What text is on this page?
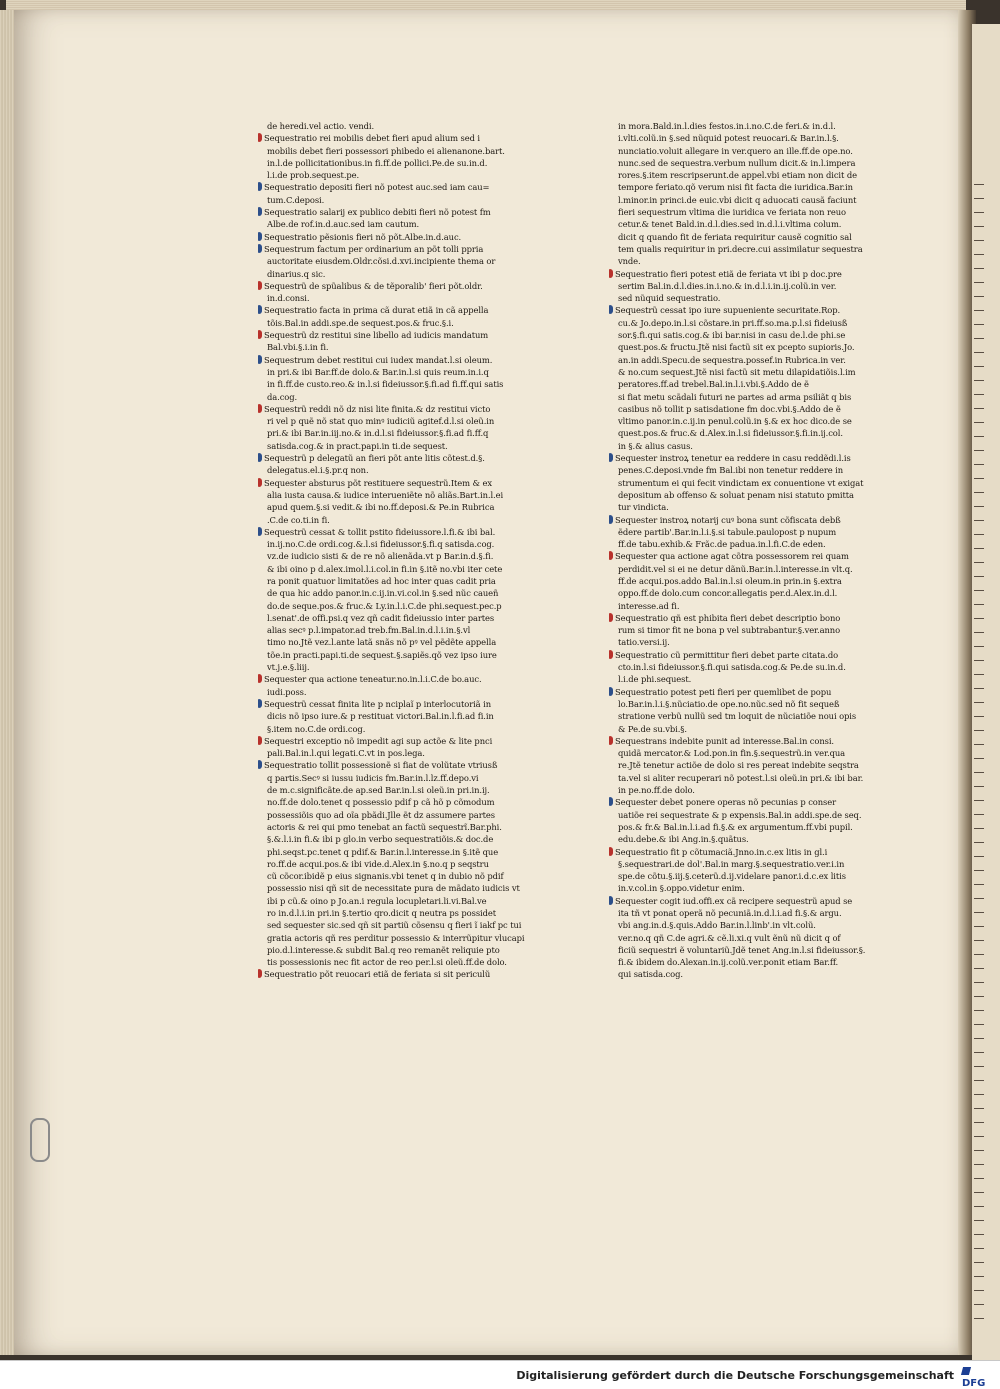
de heredi.vel actio. vendi.
Sequestratio rei mobilis debet fieri apud alium sed i
mobilis debet fieri possessori phibedo ei alienanone.bart.
in.l.de pollicitationibus.in fi.ff.de pollici.Pe.de su.in.d.
l.i.de prob.sequest.pe.
Sequestratio depositi fieri nõ potest auc.sed iam cau=
tum.C.deposi.
Sequestratio salarij ex publico debiti fieri nõ potest fm
Albe.de rof.in.d.auc.sed iam cautum.
Sequestratio pẽsionis fieri nõ põt.Albe.in.d.auc.
Sequestrum factum per ordinarium an põt tolli ppria
auctoritate eiusdem.Oldr.cõsi.d.xvi.incipiente thema or
dinarius.q sic.
Sequestrũ de spũalibus & de tẽporalib' fieri põt.oldr.
in.d.consi.
Sequestratio facta in prima cã durat etiã in cã appella
tõis.Bal.in addi.spe.de sequest.pos.& fruc.§.i.
Sequestrũ dz restitui sine libello ad iudicis mandatum
Bal.vbi.§.i.in fi.
Sequestrum debet restitui cui iudex mandat.l.si oleum.
in pri.& ibi Bar.ff.de dolo.& Bar.in.l.si quis reum.in.i.q
in fi.ff.de custo.reo.& in.l.si fideiussor.§.fi.ad fi.ff.qui satis
da.cog.
Sequestrũ reddi nõ dz nisi lite finita.& dz restitui victo
ri vel p quẽ nõ stat quo minꝰ iudiciũ agitef.d.l.si oleũ.in
pri.& ibi Bar.in.iij.no.& in.d.l.si fideiussor.§.fi.ad fi.ff.q
satisda.cog.& in pract.papi.in ti.de sequest.
Sequestrũ p delegatũ an fieri põt ante litis cõtest.d.§.
delegatus.el.i.§.pr.q non.
Sequester absturus põt restituere sequestrũ.Item & ex
alia iusta causa.& iudice interueniẽte nõ aliãs.Bart.in.l.ei
apud quem.§.si vedit.& ibi no.ff.deposi.& Pe.in Rubrica
.C.de co.ti.in fi.
Sequestrũ cessat & tollit pstito fideiussore.l.fi.& ibi bal.
in.ij.no.C.de ordi.cog.&.l.si fideiussor.§.fi.q satisda.cog.
vz.de iudicio sisti & de re nõ alienãda.vt p Bar.in.d.§.fi.
& ibi oino p d.alex.imol.l.i.col.in fi.in §.itẽ no.vbi iter cete
ra ponit quatuor limitatões ad hoc inter quas cadit pria
de qua hic addo panor.in.c.ij.in.vi.col.in §.sed nũc caueñ
do.de seque.pos.& fruc.& Ly.in.l.i.C.de phi.sequest.pec.p
l.senat'.de offi.psi.q vez qñ cadit fideiussio inter partes
alias secꝰ p.l.impator.ad treb.fm.Bal.in.d.l.i.in.§.vl
timo no.Jtẽ vez.l.ante latã snãs nõ pꝰ vel pẽdẽte appella
tõe.in practi.papi.ti.de sequest.§.sapiẽs.qõ vez ipso iure
vt.j.e.§.liij.
Sequester qua actione teneatur.no.in.l.i.C.de bo.auc.
iudi.poss.
Sequestrũ cessat finita lite p nciplaĩ p interlocutoriã in
dicis nõ ipso iure.& p restituat victori.Bal.in.l.fi.ad fi.in
§.item no.C.de ordi.cog.
Sequestri exceptio nõ impedit agi sup actõe & lite pnci
pali.Bal.in.l.qui legati.C.vt in pos.lega.
Sequestratio tollit possessionẽ si fiat de volũtate vtriusß
q partis.Secꝰ si iussu iudicis fm.Bar.in.l.lz.ff.depo.vi
de m.c.significãte.de ap.sed Bar.in.l.si oleũ.in pri.in.ij.
no.ff.de dolo.tenet q possessio pdif p cã hõ p cõmodum
possessiõis quo ad oĩa pbãdi.Jlle ẽt dz assumere partes
actoris & rei qui pmo tenebat an factũ sequestrĩ.Bar.phi.
§.&.l.i.in fi.& ibi p glo.in verbo sequestratiõis.& doc.de
phi.seqst.pc.tenet q pdif.& Bar.in.l.interesse.in §.itẽ que
ro.ff.de acqui.pos.& ibi vide.d.Alex.in §.no.q p seqstru
cũ cõcor.ibidẽ p eius signanis.vbi tenet q in dubio nõ pdif
possessio nisi qñ sit de necessitate pura de mãdato iudicis vt
ibi p cũ.& oino p Jo.an.i regula locupletari.li.vi.Bal.ve
ro in.d.l.i.in pri.in §.tertio qro.dicit q neutra ps possidet
sed sequester sic.sed qñ sit partiũ cõsensu q fieri ĩ iakf pc tui
gratia actoris qñ res perditur possessio & interrũpitur vlucapi
pio.d.l.interesse.& subdit Bal.q reo remanẽt reliquie pto
tis possessionis nec fit actor de reo per.l.si oleũ.ff.de dolo.
Sequestratio põt reuocari etiã de feriata si sit periculũ
in mora.Bald.in.l.dies festos.in.i.no.C.de feri.& in.d.l.
i.vlti.colũ.in §.sed nũquid potest reuocari.& Bar.in.l.§.
nunciatio.voluit allegare in ver.quero an ille.ff.de ope.no.
nunc.sed de sequestra.verbum nullum dicit.& in.l.impera
rores.§.item rescripserunt.de appel.vbi etiam non dicit de
tempore feriato.qõ verum nisi fit facta die iuridica.Bar.in
l.minor.in princi.de euic.vbi dicit q aduocati causã faciunt
fieri sequestrum vltima die iuridica ve feriata non reuo
cetur.& tenet Bald.in.d.l.dies.sed in.d.l.i.vltima colum.
dicit q quando fit de feriata requiritur causẽ cognitio sal
tem qualis requiritur in pri.decre.cui assimilatur sequestra
vnde.
Sequestratio fieri potest etiã de feriata vt ibi p doc.pre
sertim Bal.in.d.l.dies.in.i.no.& in.d.l.i.in.ij.colũ.in ver.
sed nũquid sequestratio.
Sequestrũ cessat ipo iure supueniente securitate.Rop.
cu.& Jo.depo.in.l.si cõstare.in pri.ff.so.ma.p.l.si fideiusß
sor.§.fi.qui satis.cog.& ibi bar.nisi in casu de.l.de phi.se
quest.pos.& fructu.Jtẽ nisi factũ sit ex pcepto supioris.Jo.
an.in addi.Specu.de sequestra.possef.in Rubrica.in ver.
& no.cum sequest.Jtẽ nisi factũ sit metu dilapidatiõis.l.im
peratores.ff.ad trebel.Bal.in.l.i.vbi.§.Addo de ẽ
si fiat metu scãdali futuri ne partes ad arma psiliãt q bis
casibus nõ tollit p satisdatione fm doc.vbi.§.Addo de ẽ
vltimo panor.in.c.ij.in penul.colũ.in §.& ex hoc dico.de se
quest.pos.& fruc.& d.Alex.in.l.si fideiussor.§.fi.in.ij.col.
in §.& alius casus.
Sequester instroꝝ tenetur ea reddere in casu reddẽdi.l.is
penes.C.deposi.vnde fm Bal.ibi non tenetur reddere in
strumentum ei qui fecit vindictam ex conuentione vt exigat
depositum ab offenso & soluat penam nisi statuto pmitta
tur vindicta.
Sequester instroꝝ notarij cuꝰ bona sunt cõfiscata debß
ẽdere partib'.Bar.in.l.i.§.si tabule.paulopost p nupum
ff.de tabu.exhib.& Frãc.de padua.in.l.fi.C.de eden.
Sequester qua actione agat cõtra possessorem rei quam
perdidit.vel si ei ne detur dãnũ.Bar.in.l.interesse.in vlt.q.
ff.de acqui.pos.addo Bal.in.l.si oleum.in prin.in §.extra
oppo.ff.de dolo.cum concor.allegatis per.d.Alex.in.d.l.
interesse.ad fi.
Sequestratio qñ est phibita fieri debet descriptio bono
rum si timor fit ne bona p vel subtrabantur.§.ver.anno
tatio.versi.ij.
Sequestratio cũ permittitur fieri debet parte citata.do
cto.in.l.si fideiussor.§.fi.qui satisda.cog.& Pe.de su.in.d.
l.i.de phi.sequest.
Sequestratio potest peti fieri per quemlibet de popu
lo.Bar.in.l.i.§.nũciatio.de ope.no.nũc.sed nõ fit sequeß
stratione verbũ nullũ sed tm loquit de nũciatiõe noui opis
& Pe.de su.vbi.§.
Sequestrans indebite punit ad interesse.Bal.in consi.
quidã mercator.& Lod.pon.in fin.§.sequestrũ.in ver.qua
re.Jtẽ tenetur actiõe de dolo si res pereat indebite seqstra
ta.vel si aliter recuperari nõ potest.l.si oleũ.in pri.& ibi bar.
in pe.no.ff.de dolo.
Sequester debet ponere operas nõ pecunias p conser
uatiõe rei sequestrate & p expensis.Bal.in addi.spe.de seq.
pos.& fr.& Bal.in.l.i.ad fi.§.& ex argumentum.ff.vbi pupil.
edu.debe.& ibi Ang.in.§.quãtus.
Sequestratio fit p cõtumaciã.Jnno.in.c.ex litis in gl.i
§.sequestrari.de dol'.Bal.in marg.§.sequestratio.ver.i.in
spe.de cõtu.§.iij.§.ceterũ.d.ij.videlare panor.i.d.c.ex litis
in.v.col.in §.oppo.videtur enim.
Sequester cogit iud.offi.ex cã recipere sequestrũ apud se
ita tñ vt ponat operã nõ pecuniã.in.d.l.i.ad fi.§.& argu.
vbi ang.in.d.§.quis.Addo Bar.in.l.linb'.in vlt.colũ.
ver.no.q qñ C.de agri.& cẽ.li.xi.q vult ẽnũ nũ dicit q of
ficiũ sequestri ẽ voluntariũ.Jdẽ tenet Ang.in.l.si fideiussor.§.
fi.& ibidem do.Alexan.in.ij.colũ.ver.ponit etiam Bar.ff.
qui satisda.cog.
Digitalisierung gefördert durch die Deutsche Forschungsgemeinschaft
DFG
